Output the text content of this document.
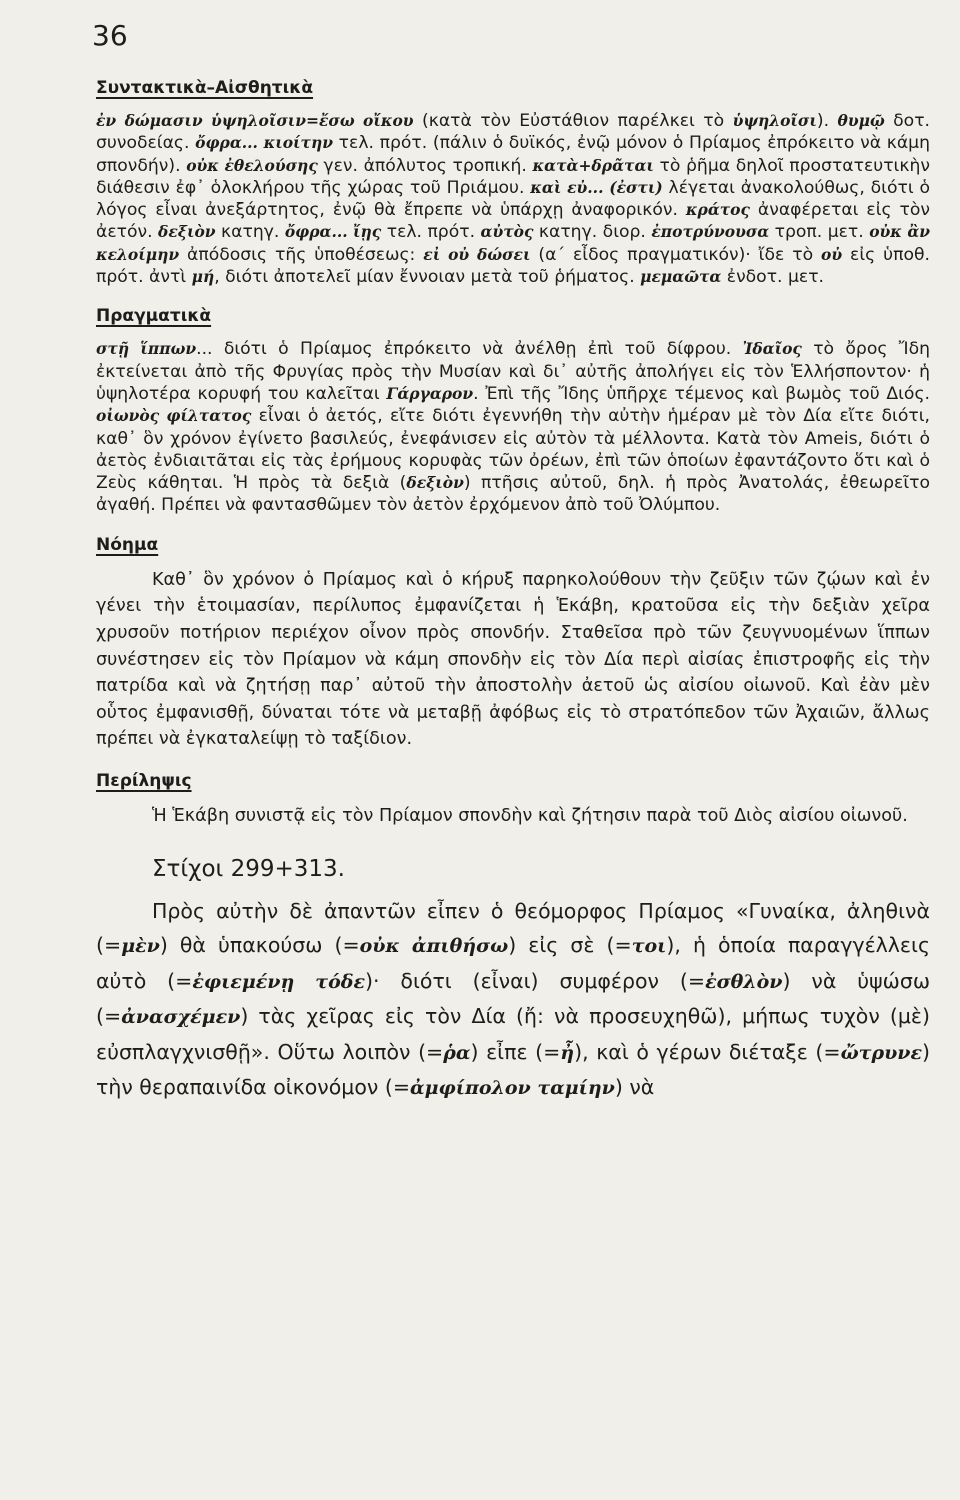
36
Συντακτικὰ–Αἰσθητικὰ

ἐν δώμασιν ὑψηλοῖσιν=ἔσω οἴκου (κατὰ τὸν Εὐστάθιον παρέλκει τὸ ὑψηλοῖσι). θυμῷ δοτ. συνοδείας. ὄφρα... κιοίτην τελ. πρότ. (πάλιν ὁ δυϊκός, ἐνῷ μόνον ὁ Πρίαμος ἐπρόκειτο νὰ κάμη σπονδήν). οὐκ ἐθελούσης γεν. ἀπόλυτος τροπική. κατὰ+δρᾶται τὸ ῥῆμα δηλοῖ προστατευτικὴν διάθεσιν ἐφ᾽ ὁλοκλήρου τῆς χώρας τοῦ Πριάμου. καὶ εὐ... (ἐστι) λέγεται ἀνακολούθως, διότι ὁ λόγος εἶναι ἀνεξάρτητος, ἐνῷ θὰ ἔπρεπε νὰ ὑπάρχῃ ἀναφορικόν. κράτος ἀναφέρεται εἰς τὸν ἀετόν. δεξιὸν κατηγ. ὄφρα... ἴῃς τελ. πρότ. αὐτὸς κατηγ. διορ. ἐποτρύνουσα τροπ. μετ. οὐκ ἂν κελοίμην ἀπόδοσις τῆς ὑποθέσεως: εἰ οὐ δώσει (α΄ εἶδος πραγματικόν)· ἴδε τὸ οὐ εἰς ὑποθ. πρότ. ἀντὶ μή, διότι ἀποτελεῖ μίαν ἔννοιαν μετὰ τοῦ ῥήματος. μεμαῶτα ἐνδοτ. μετ.

Πραγματικὰ

στῇ ἵππων... διότι ὁ Πρίαμος ἐπρόκειτο νὰ ἀνέλθῃ ἐπὶ τοῦ δίφρου. Ἰδαῖος τὸ ὄρος Ἴδη ἐκτείνεται ἀπὸ τῆς Φρυγίας πρὸς τὴν Μυσίαν καὶ δι᾽ αὐτῆς ἀπολήγει εἰς τὸν Ἑλλήσποντον· ἡ ὑψηλοτέρα κορυφή του καλεῖται Γάργαρον. Ἐπὶ τῆς Ἴδης ὑπῆρχε τέμενος καὶ βωμὸς τοῦ Διός. οἰωνὸς φίλτατος εἶναι ὁ ἀετός, εἴτε διότι ἐγεννήθη τὴν αὐτὴν ἡμέραν μὲ τὸν Δία εἴτε διότι, καθ᾽ ὃν χρόνον ἐγίνετο βασιλεύς, ἐνεφάνισεν εἰς αὐτὸν τὰ μέλλοντα. Κατὰ τὸν Ameis, διότι ὁ ἀετὸς ἐνδιαιτᾶται εἰς τὰς ἐρήμους κορυφὰς τῶν ὀρέων, ἐπὶ τῶν ὁποίων ἐφαντάζοντο ὅτι καὶ ὁ Ζεὺς κάθηται. Ἡ πρὸς τὰ δεξιὰ (δεξιὸν) πτῆσις αὐτοῦ, δηλ. ἡ πρὸς Ἀνατολάς, ἐθεωρεῖτο ἀγαθή. Πρέπει νὰ φαντασθῶμεν τὸν ἀετὸν ἐρχόμενον ἀπὸ τοῦ Ὀλύμπου.

Νόημα

Καθ᾽ ὃν χρόνον ὁ Πρίαμος καὶ ὁ κήρυξ παρηκολούθουν τὴν ζεῦξιν τῶν ζῴων καὶ ἐν γένει τὴν ἑτοιμασίαν, περίλυπος ἐμφανίζεται ἡ Ἑκάβη, κρατοῦσα εἰς τὴν δεξιὰν χεῖρα χρυσοῦν ποτήριον περιέχον οἶνον πρὸς σπονδήν. Σταθεῖσα πρὸ τῶν ζευγνυομένων ἵππων συνέστησεν εἰς τὸν Πρίαμον νὰ κάμη σπονδὴν εἰς τὸν Δία περὶ αἰσίας ἐπιστροφῆς εἰς τὴν πατρίδα καὶ νὰ ζητήσῃ παρ᾽ αὐτοῦ τὴν ἀποστολὴν ἀετοῦ ὡς αἰσίου οἰωνοῦ. Καὶ ἐὰν μὲν οὗτος ἐμφανισθῇ, δύναται τότε νὰ μεταβῇ ἀφόβως εἰς τὸ στρατόπεδον τῶν Ἀχαιῶν, ἄλλως πρέπει νὰ ἐγκαταλείψῃ τὸ ταξίδιον.

Περίληψις

Ἡ Ἑκάβη συνιστᾷ εἰς τὸν Πρίαμον σπονδὴν καὶ ζήτησιν παρὰ τοῦ Διὸς αἰσίου οἰωνοῦ.

Στίχοι 299+313.

Πρὸς αὐτὴν δὲ ἀπαντῶν εἶπεν ὁ θεόμορφος Πρίαμος «Γυναίκα, ἀληθινὰ (=μὲν) θὰ ὑπακούσω (=οὐκ ἀπιθήσω) εἰς σὲ (=τοι), ἡ ὁποία παραγγέλλεις αὐτὸ (=ἐφιεμένῃ τόδε)· διότι (εἶναι) συμφέρον (=ἐσθλὸν) νὰ ὑψώσω (=ἀνασχέμεν) τὰς χεῖρας εἰς τὸν Δία (ἤ: νὰ προσευχηθῶ), μήπως τυχὸν (μὲ) εὐσπλαγχνισθῇ». Οὕτω λοιπὸν (=ῥα) εἶπε (=ἦ), καὶ ὁ γέρων διέταξε (=ὤτρυνε) τὴν θεραπαινίδα οἰκονόμον (=ἀμφίπολον ταμίην) νὰ
